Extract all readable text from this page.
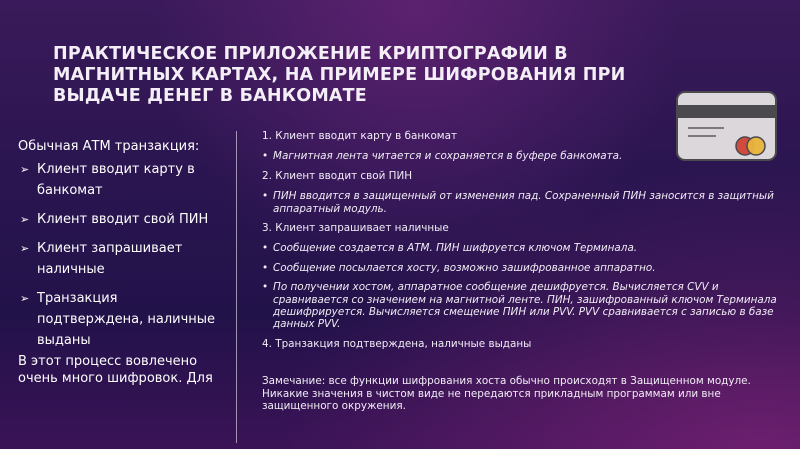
ПРАКТИЧЕСКОЕ ПРИЛОЖЕНИЕ КРИПТОГРАФИИ В МАГНИТНЫХ КАРТАХ, НА ПРИМЕРЕ ШИФРОВАНИЯ ПРИ ВЫДАЧЕ ДЕНЕГ В БАНКОМАТЕ
Обычная АТМ транзакция:
➢ Клиент вводит карту в банкомат
➢ Клиент вводит свой ПИН
➢ Клиент запрашивает наличные
➢ Транзакция подтверждена, наличные выданы
В этот процесс вовлечено очень много шифровок. Для
1. Клиент вводит карту в банкомат
• Магнитная лента читается и сохраняется в буфере банкомата.
2. Клиент вводит свой ПИН
• ПИН вводится в защищенный от изменения пад. Сохраненный ПИН заносится в защитный аппаратный модуль.
3. Клиент запрашивает наличные
• Сообщение создается в АТМ. ПИН шифруется ключом Терминала.
• Сообщение посылается хосту, возможно зашифрованное аппаратно.
• По получении хостом, аппаратное сообщение дешифруется. Вычисляется CVV и сравнивается со значением на магнитной ленте. ПИН, зашифрованный ключом Терминала дешифрируется. Вычисляется смещение ПИН или PVV. PVV сравнивается с записью в базе данных PVV.
4. Транзакция подтверждена, наличные выданы
Замечание: все функции шифрования хоста обычно происходят в Защищенном модуле. Никакие значения в чистом виде не передаются прикладным программам или вне защищенного окружения.
